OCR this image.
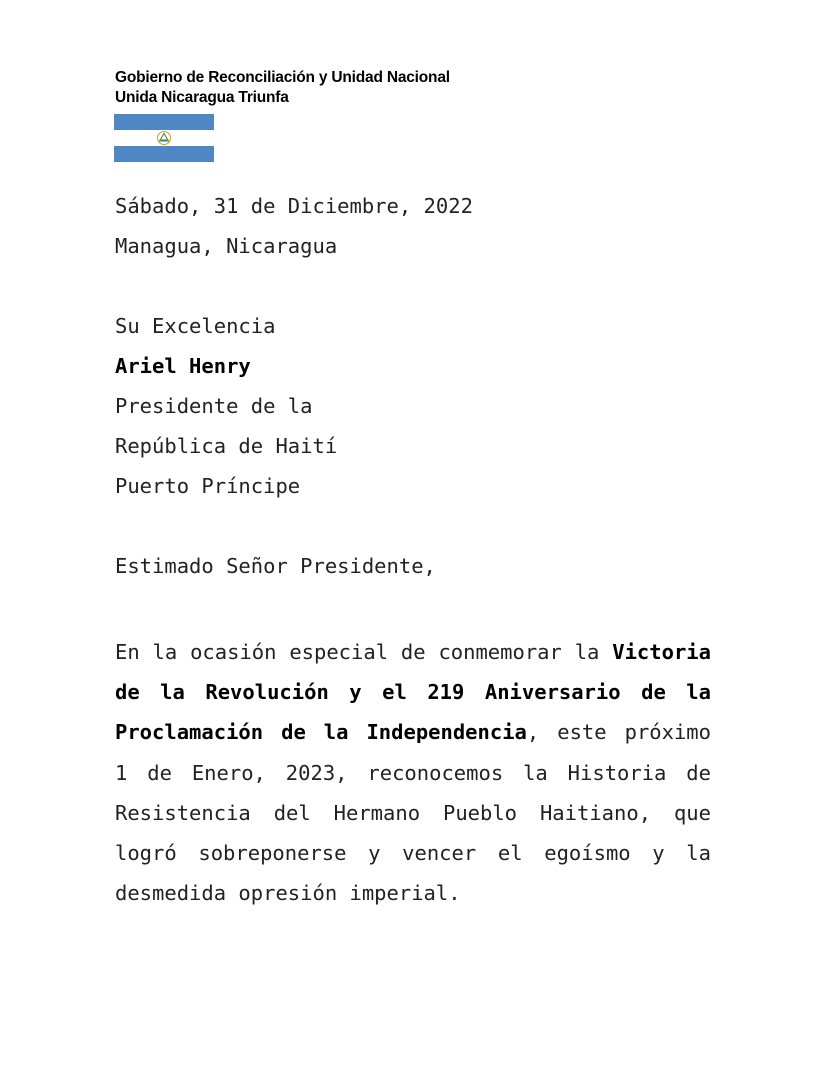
Gobierno de Reconciliación y Unidad Nacional
Unida Nicaragua Triunfa
Sábado, 31 de Diciembre, 2022
Managua, Nicaragua
Su Excelencia
Ariel Henry
Presidente de la
República de Haití
Puerto Príncipe
Estimado Señor Presidente,
En la ocasión especial de conmemorar la Victoria
de la Revolución y el 219 Aniversario de la
Proclamación de la Independencia, este próximo
1 de Enero, 2023, reconocemos la Historia de
Resistencia del Hermano Pueblo Haitiano, que
logró sobreponerse y vencer el egoísmo y la
desmedida opresión imperial.
